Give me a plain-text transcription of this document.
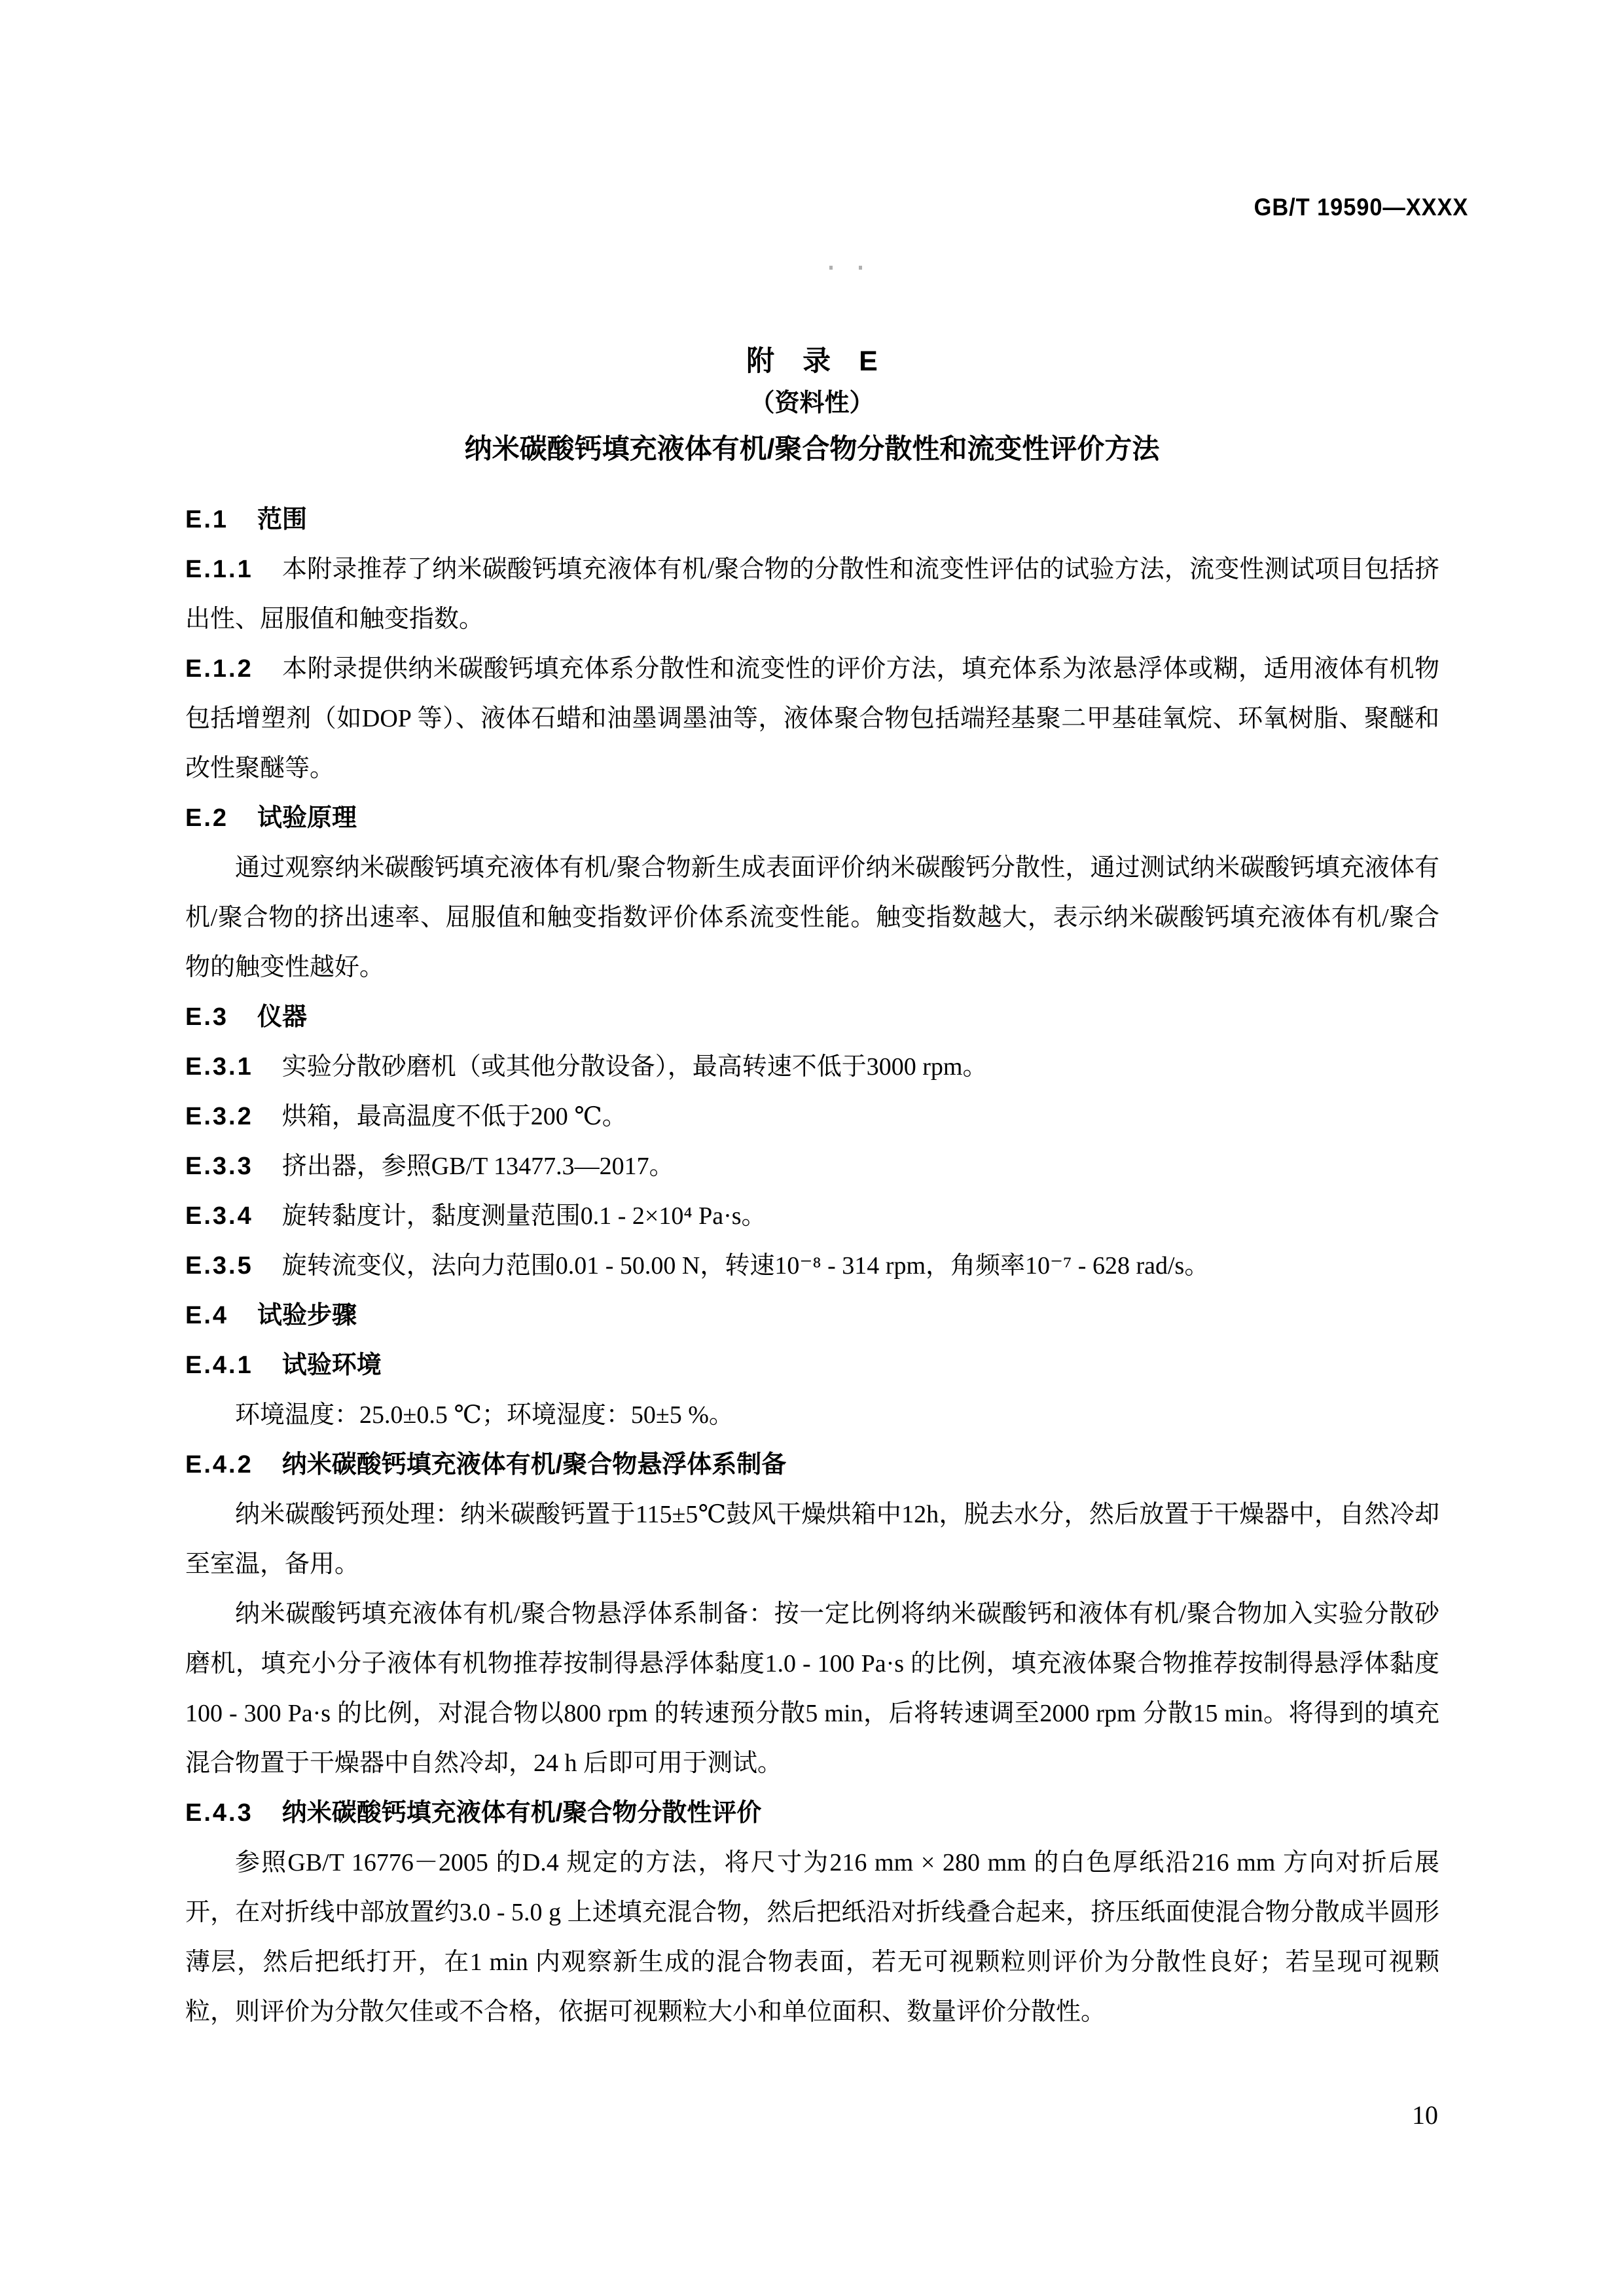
GB/T 19590—XXXX
附　录　E
（资料性）
纳米碳酸钙填充液体有机/聚合物分散性和流变性评价方法
E.1 范围
E.1.1 本附录推荐了纳米碳酸钙填充液体有机/聚合物的分散性和流变性评估的试验方法，流变性测试项目包括挤出性、屈服值和触变指数。
E.1.2 本附录提供纳米碳酸钙填充体系分散性和流变性的评价方法，填充体系为浓悬浮体或糊，适用液体有机物包括增塑剂（如DOP 等）、液体石蜡和油墨调墨油等，液体聚合物包括端羟基聚二甲基硅氧烷、环氧树脂、聚醚和改性聚醚等。
E.2 试验原理

通过观察纳米碳酸钙填充液体有机/聚合物新生成表面评价纳米碳酸钙分散性，通过测试纳米碳酸钙填充液体有机/聚合物的挤出速率、屈服值和触变指数评价体系流变性能。触变指数越大，表示纳米碳酸钙填充液体有机/聚合物的触变性越好。

E.3 仪器
E.3.1 实验分散砂磨机（或其他分散设备），最高转速不低于3000 rpm。
E.3.2 烘箱，最高温度不低于200 ℃。
E.3.3 挤出器，参照GB/T 13477.3—2017。
E.3.4 旋转黏度计，黏度测量范围0.1 - 2×10⁴ Pa·s。
E.3.5 旋转流变仪，法向力范围0.01 - 50.00 N，转速10⁻⁸ - 314 rpm，角频率10⁻⁷ - 628 rad/s。
E.4 试验步骤
E.4.1 试验环境

环境温度：25.0±0.5 ℃；环境湿度：50±5 %。

E.4.2 纳米碳酸钙填充液体有机/聚合物悬浮体系制备

纳米碳酸钙预处理：纳米碳酸钙置于115±5℃鼓风干燥烘箱中12h，脱去水分，然后放置于干燥器中，自然冷却至室温，备用。

纳米碳酸钙填充液体有机/聚合物悬浮体系制备：按一定比例将纳米碳酸钙和液体有机/聚合物加入实验分散砂磨机，填充小分子液体有机物推荐按制得悬浮体黏度1.0 - 100 Pa·s 的比例，填充液体聚合物推荐按制得悬浮体黏度100 - 300 Pa·s 的比例，对混合物以800 rpm 的转速预分散5 min，后将转速调至2000 rpm 分散15 min。将得到的填充混合物置于干燥器中自然冷却，24 h 后即可用于测试。

E.4.3 纳米碳酸钙填充液体有机/聚合物分散性评价

参照GB/T 16776－2005 的D.4 规定的方法，将尺寸为216 mm × 280 mm 的白色厚纸沿216 mm 方向对折后展开，在对折线中部放置约3.0 - 5.0 g 上述填充混合物，然后把纸沿对折线叠合起来，挤压纸面使混合物分散成半圆形薄层，然后把纸打开，在1 min 内观察新生成的混合物表面，若无可视颗粒则评价为分散性良好；若呈现可视颗粒，则评价为分散欠佳或不合格，依据可视颗粒大小和单位面积、数量评价分散性。

10
